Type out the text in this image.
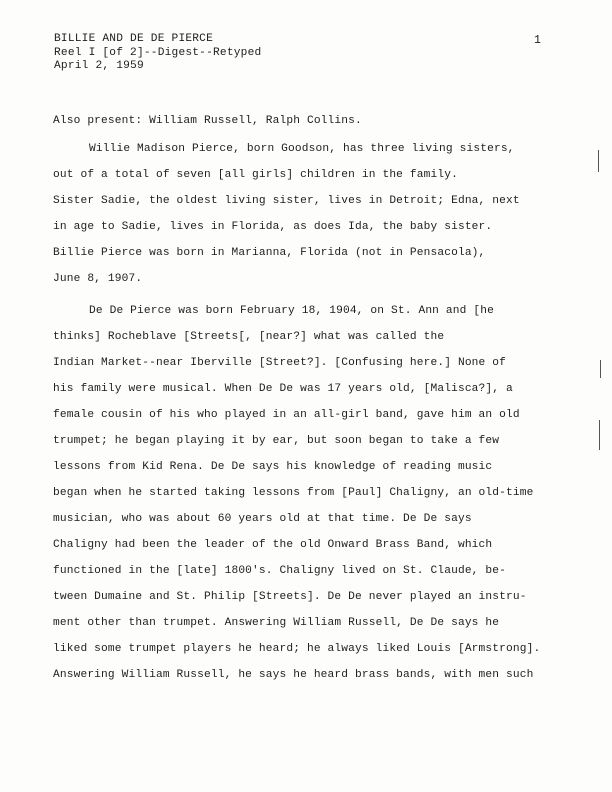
BILLIE AND DE DE PIERCE
Reel I [of 2]--Digest--Retyped
April 2, 1959
1
Also present: William Russell, Ralph Collins.
Willie Madison Pierce, born Goodson, has three living sisters,
out of a total of seven [all girls] children in the family.
Sister Sadie, the oldest living sister, lives in Detroit; Edna, next
in age to Sadie, lives in Florida, as does Ida, the baby sister.
Billie Pierce was born in Marianna, Florida (not in Pensacola),
June 8, 1907.
De De Pierce was born February 18, 1904, on St. Ann and [he
thinks] Rocheblave [Streets[, [near?] what was called the
Indian Market--near Iberville [Street?]. [Confusing here.] None of
his family were musical. When De De was 17 years old, [Malisca?], a
female cousin of his who played in an all-girl band, gave him an old
trumpet; he began playing it by ear, but soon began to take a few
lessons from Kid Rena. De De says his knowledge of reading music
began when he started taking lessons from [Paul] Chaligny, an old-time
musician, who was about 60 years old at that time. De De says
Chaligny had been the leader of the old Onward Brass Band, which
functioned in the [late] 1800's. Chaligny lived on St. Claude, be-
tween Dumaine and St. Philip [Streets]. De De never played an instru-
ment other than trumpet. Answering William Russell, De De says he
liked some trumpet players he heard; he always liked Louis [Armstrong].
Answering William Russell, he says he heard brass bands, with men such
